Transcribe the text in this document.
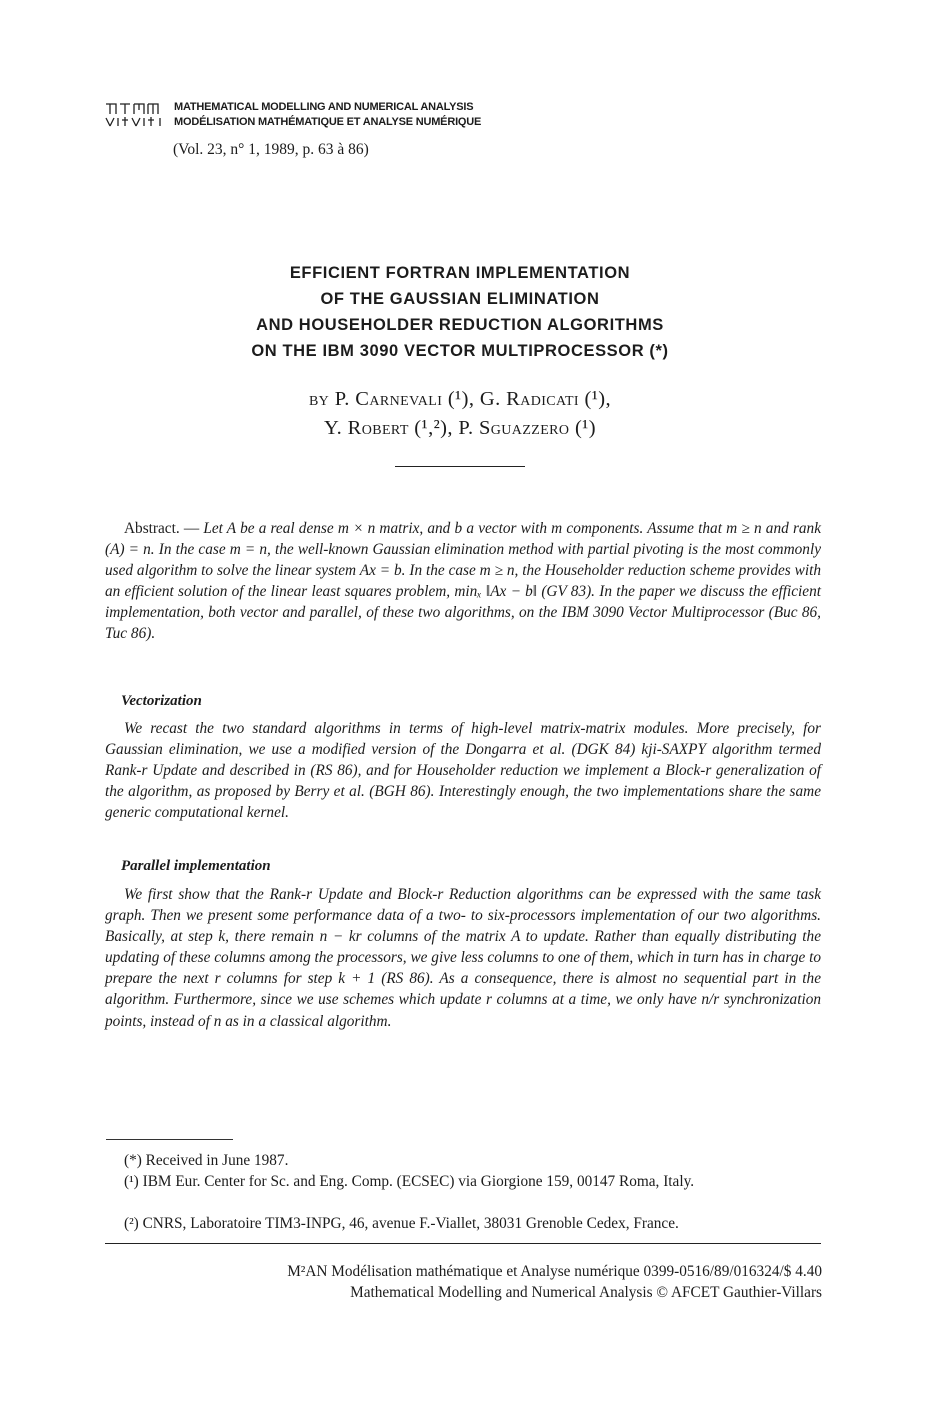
MATHEMATICAL MODELLING AND NUMERICAL ANALYSIS
MODÉLISATION MATHÉMATIQUE ET ANALYSE NUMÉRIQUE
(Vol. 23, n° 1, 1989, p. 63 à 86)
EFFICIENT FORTRAN IMPLEMENTATION
OF THE GAUSSIAN ELIMINATION
AND HOUSEHOLDER REDUCTION ALGORITHMS
ON THE IBM 3090 VECTOR MULTIPROCESSOR (*)
by P. Carnevali (¹), G. Radicati (¹),
Y. Robert (¹,²), P. Sguazzero (¹)

Abstract. — Let A be a real dense m × n matrix, and b a vector with m components. Assume that m ≥ n and rank (A) = n. In the case m = n, the well-known Gaussian elimination method with partial pivoting is the most commonly used algorithm to solve the linear system Ax = b. In the case m ≥ n, the Householder reduction scheme provides with an efficient solution of the linear least squares problem, minₓ ‖Ax − b‖ (GV 83). In the paper we discuss the efficient implementation, both vector and parallel, of these two algorithms, on the IBM 3090 Vector Multiprocessor (Buc 86, Tuc 86).

Vectorization

We recast the two standard algorithms in terms of high-level matrix-matrix modules. More precisely, for Gaussian elimination, we use a modified version of the Dongarra et al. (DGK 84) kji-SAXPY algorithm termed Rank-r Update and described in (RS 86), and for Householder reduction we implement a Block-r generalization of the algorithm, as proposed by Berry et al. (BGH 86). Interestingly enough, the two implementations share the same generic computational kernel.

Parallel implementation

We first show that the Rank-r Update and Block-r Reduction algorithms can be expressed with the same task graph. Then we present some performance data of a two- to six-processors implementation of our two algorithms. Basically, at step k, there remain n − kr columns of the matrix A to update. Rather than equally distributing the updating of these columns among the processors, we give less columns to one of them, which in turn has in charge to prepare the next r columns for step k + 1 (RS 86). As a consequence, there is almost no sequential part in the algorithm. Furthermore, since we use schemes which update r columns at a time, we only have n/r synchronization points, instead of n as in a classical algorithm.

(*) Received in June 1987.

(¹) IBM Eur. Center for Sc. and Eng. Comp. (ECSEC) via Giorgione 159, 00147 Roma, Italy.

(²) CNRS, Laboratoire TIM3-INPG, 46, avenue F.-Viallet, 38031 Grenoble Cedex, France.

M²AN Modélisation mathématique et Analyse numérique 0399-0516/89/016324/$ 4.40
Mathematical Modelling and Numerical Analysis © AFCET Gauthier-Villars
